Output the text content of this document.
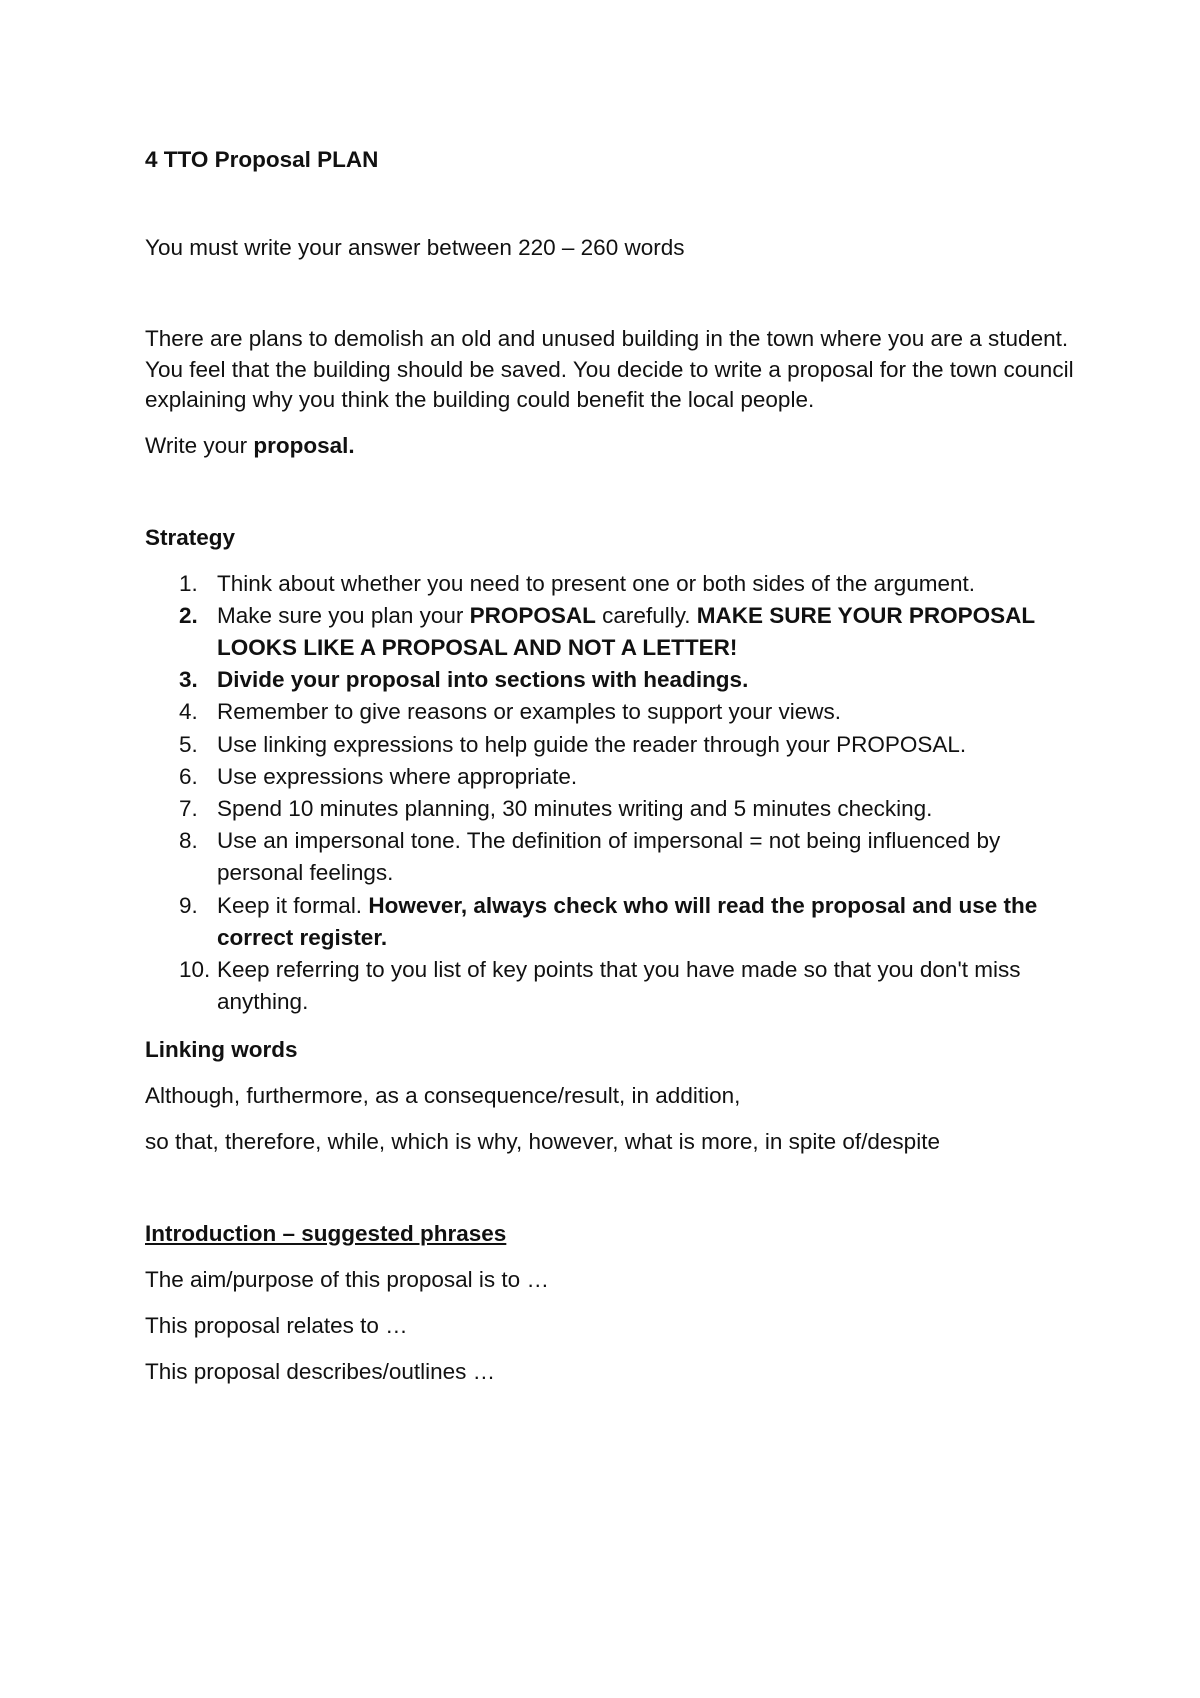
4 TTO Proposal PLAN

You must write your answer between 220 – 260 words

There are plans to demolish an old and unused building in the town where you are a student. You feel that the building should be saved. You decide to write a proposal for the town council explaining why you think the building could benefit the local people.

Write your proposal.

Strategy

1. Think about whether you need to present one or both sides of the argument.
2. Make sure you plan your PROPOSAL carefully. MAKE SURE YOUR PROPOSAL LOOKS LIKE A PROPOSAL AND NOT A LETTER!
3. Divide your proposal into sections with headings.
4. Remember to give reasons or examples to support your views.
5. Use linking expressions to help guide the reader through your PROPOSAL.
6. Use expressions where appropriate.
7. Spend 10 minutes planning, 30 minutes writing and 5 minutes checking.
8. Use an impersonal tone. The definition of impersonal = not being influenced by personal feelings.
9. Keep it formal. However, always check who will read the proposal and use the correct register.
10. Keep referring to you list of key points that you have made so that you don't miss anything.

Linking words

Although, furthermore, as a consequence/result, in addition,

so that, therefore, while, which is why, however, what is more, in spite of/despite

Introduction – suggested phrases

The aim/purpose of this proposal is to …

This proposal relates to …

This proposal describes/outlines …
